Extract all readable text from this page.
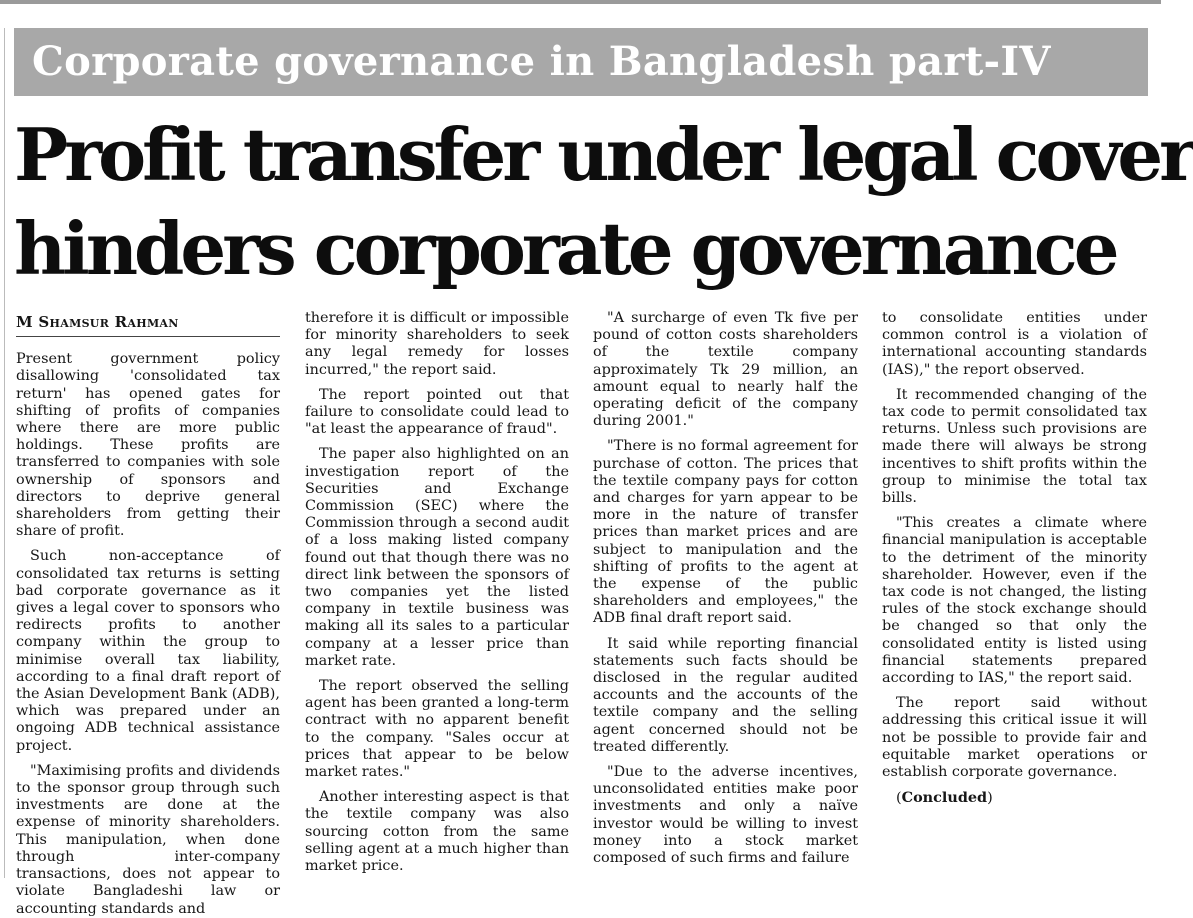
Corporate governance in Bangladesh part-IV
Profit transfer under legal cover
hinders corporate governance
M Shamsur Rahman

Present government policy disallowing 'consolidated tax return' has opened gates for shifting of profits of companies where there are more public holdings. These profits are transferred to companies with sole ownership of sponsors and directors to deprive general shareholders from getting their share of profit.

Such non-acceptance of consolidated tax returns is setting bad corporate governance as it gives a legal cover to sponsors who redirects profits to another company within the group to minimise overall tax liability, according to a final draft report of the Asian Development Bank (ADB), which was prepared under an ongoing ADB technical assistance project.

"Maximising profits and dividends to the sponsor group through such investments are done at the expense of minority shareholders. This manipulation, when done through inter-company transactions, does not appear to violate Bangladeshi law or accounting standards and

therefore it is difficult or impossible for minority shareholders to seek any legal remedy for losses incurred," the report said.

The report pointed out that failure to consolidate could lead to "at least the appearance of fraud".

The paper also highlighted on an investigation report of the Securities and Exchange Commission (SEC) where the Commission through a second audit of a loss making listed company found out that though there was no direct link between the sponsors of two companies yet the listed company in textile business was making all its sales to a particular company at a lesser price than market rate.

The report observed the selling agent has been granted a long-term contract with no apparent benefit to the company. "Sales occur at prices that appear to be below market rates."

Another interesting aspect is that the textile company was also sourcing cotton from the same selling agent at a much higher than market price.

"A surcharge of even Tk five per pound of cotton costs shareholders of the textile company approximately Tk 29 million, an amount equal to nearly half the operating deficit of the company during 2001."

"There is no formal agreement for purchase of cotton. The prices that the textile company pays for cotton and charges for yarn appear to be more in the nature of transfer prices than market prices and are subject to manipulation and the shifting of profits to the agent at the expense of the public shareholders and employees," the ADB final draft report said.

It said while reporting financial statements such facts should be disclosed in the regular audited accounts and the accounts of the textile company and the selling agent concerned should not be treated differently.

"Due to the adverse incentives, unconsolidated entities make poor investments and only a naïve investor would be willing to invest money into a stock market composed of such firms and failure

to consolidate entities under common control is a violation of international accounting standards (IAS)," the report observed.

It recommended changing of the tax code to permit consolidated tax returns. Unless such provisions are made there will always be strong incentives to shift profits within the group to minimise the total tax bills.

"This creates a climate where financial manipulation is acceptable to the detriment of the minority shareholder. However, even if the tax code is not changed, the listing rules of the stock exchange should be changed so that only the consolidated entity is listed using financial statements prepared according to IAS," the report said.

The report said without addressing this critical issue it will not be possible to provide fair and equitable market operations or establish corporate governance.

(Concluded)
